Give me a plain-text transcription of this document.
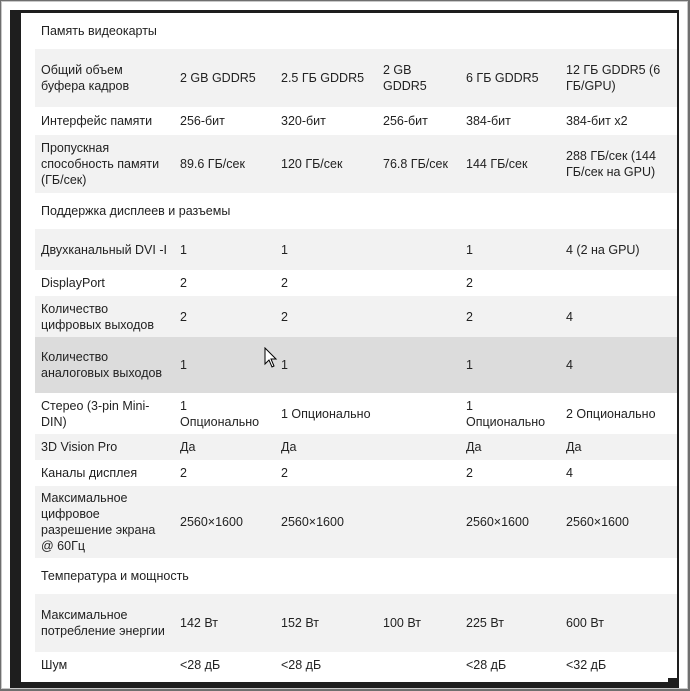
Память видеокарты					
Общий объем буфера кадров	2 GB GDDR5	2.5 ГБ GDDR5	2 GB GDDR5	6 ГБ GDDR5	12 ГБ GDDR5 (6 ГБ/GPU)
Интерфейс памяти	256-бит	320-бит	256-бит	384-бит	384-бит x2
Пропускная способность памяти (ГБ/сек)	89.6 ГБ/сек	120 ГБ/сек	76.8 ГБ/сек	144 ГБ/сек	288 ГБ/сек (144 ГБ/сек на GPU)
Поддержка дисплеев и разъемы					
Двухканальный DVI -I	1	1		1	4 (2 на GPU)
DisplayPort	2	2		2	
Количество цифровых выходов	2	2		2	4
Количество аналоговых выходов	1	1		1	4
Стерео (3-pin Mini-DIN)	1 Опционально	1 Опционально		1 Опционально	2 Опционально
3D Vision Pro	Да	Да		Да	Да
Каналы дисплея	2	2		2	4
Максимальное цифровое разрешение экрана @ 60Гц	2560×1600	2560×1600		2560×1600	2560×1600
Температура и мощность					
Максимальное потребление энергии	142 Вт	152 Вт	100 Вт	225 Вт	600 Вт
Шум	<28 дБ	<28 дБ		<28 дБ	<32 дБ
